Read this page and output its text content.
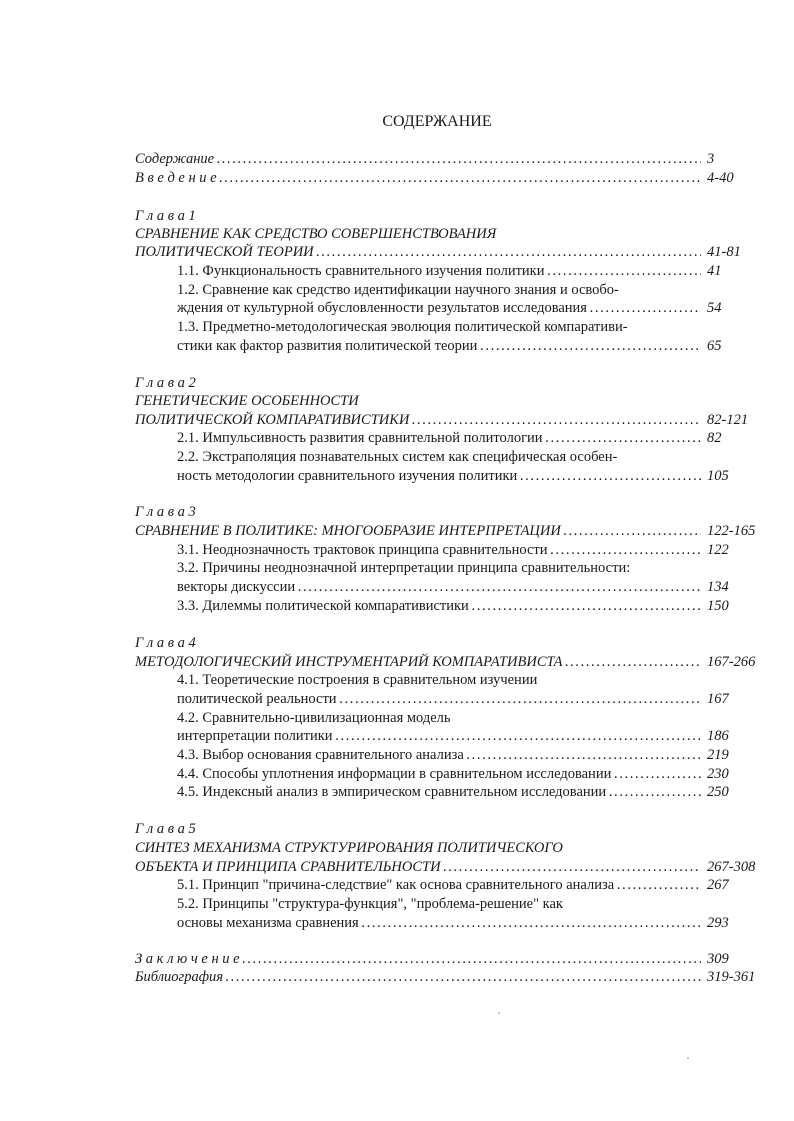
СОДЕРЖАНИЕ
Содержание . . .	3
В в е д е н и е . . .	4-40
Г л а в а 1
СРАВНЕНИЕ КАК СРЕДСТВО СОВЕРШЕНСТВОВАНИЯ
ПОЛИТИЧЕСКОЙ ТЕОРИИ . . .	41-81
1.1. Функциональность сравнительного изучения политики . . .	41
1.2. Сравнение как средство идентификации научного знания и освобо-
ждения от культурной обусловленности результатов исследования . . .	54
1.3. Предметно-методологическая эволюция политической компаративи-
стики как фактор развития политической теории . . .	65
Г л а в а 2
ГЕНЕТИЧЕСКИЕ ОСОБЕННОСТИ
ПОЛИТИЧЕСКОЙ КОМПАРАТИВИСТИКИ . . .	82-121
2.1. Импульсивность развития сравнительной политологии . . .	82
2.2. Экстраполяция познавательных систем как специфическая особен-
ность методологии сравнительного изучения политики . . .	105
Г л а в а 3
СРАВНЕНИЕ В ПОЛИТИКЕ: МНОГООБРАЗИЕ ИНТЕРПРЕТАЦИИ . . .	122-165
3.1. Неоднозначность трактовок принципа сравнительности . . .	122
3.2. Причины неоднозначной интерпретации принципа сравнительности:
векторы дискуссии . . .	134
3.3. Дилеммы политической компаративистики . . .	150
Г л а в а 4
МЕТОДОЛОГИЧЕСКИЙ ИНСТРУМЕНТАРИЙ КОМПАРАТИВИСТА . . .	167-266
4.1. Теоретические построения в сравнительном изучении
политической реальности . . .	167
4.2. Сравнительно-цивилизационная модель
интерпретации политики . . .	186
4.3. Выбор основания сравнительного анализа . . .	219
4.4. Способы уплотнения информации в сравнительном исследовании . . .	230
4.5. Индексный анализ в эмпирическом сравнительном исследовании . . .	250
Г л а в а 5
СИНТЕЗ МЕХАНИЗМА СТРУКТУРИРОВАНИЯ ПОЛИТИЧЕСКОГО
ОБЪЕКТА И ПРИНЦИПА СРАВНИТЕЛЬНОСТИ . . .	267-308
5.1. Принцип "причина-следствие" как основа сравнительного анализа . . .	267
5.2. Принципы "структура-функция", "проблема-решение" как
основы механизма сравнения . . .	293
З а к л ю ч е н и е . . .	309
Библиография . . .	319-361
